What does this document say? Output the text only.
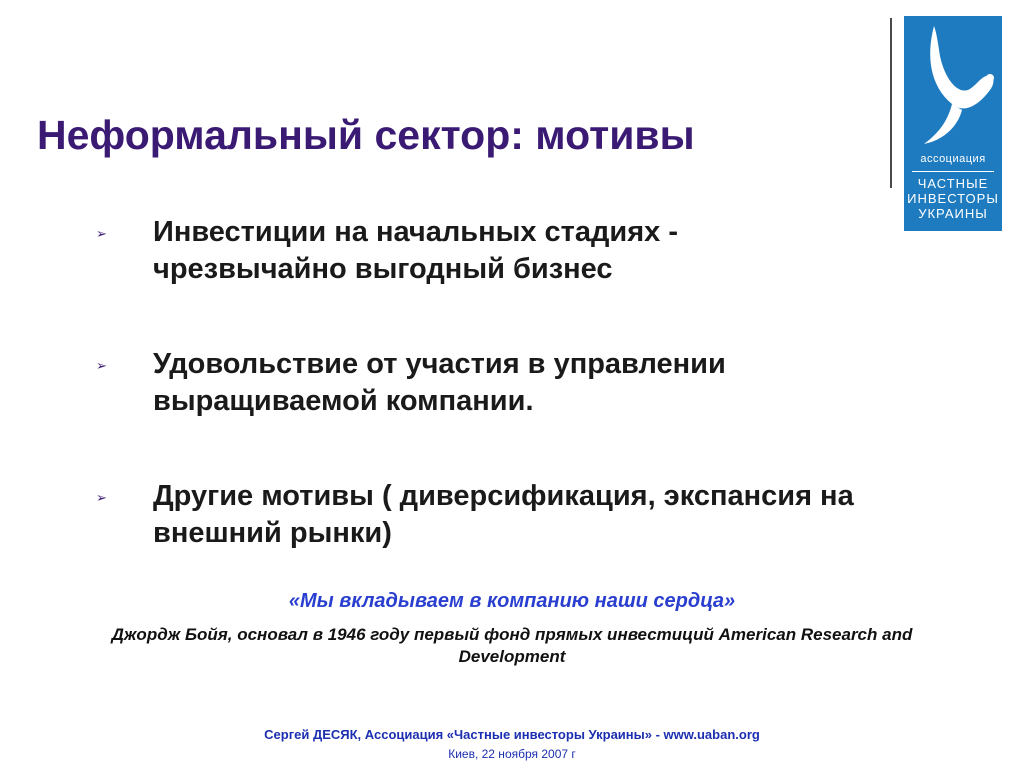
ассоциация
ЧАСТНЫЕ
ИНВЕСТОРЫ
УКРАИНЫ
Неформальный сектор: мотивы
➢ Инвестиции на начальных стадиях - чрезвычайно выгодный бизнес
➢ Удовольствие от участия в управлении выращиваемой компании.
➢ Другие мотивы ( диверсификация, экспансия на внешний рынки)
«Мы вкладываем в компанию наши сердца»
Джордж Бойя, основал в 1946 году первый фонд прямых инвестиций American Research and Development
Сергей ДЕСЯК, Ассоциация «Частные инвесторы Украины» - www.uaban.org
Киев, 22 ноября 2007 г
